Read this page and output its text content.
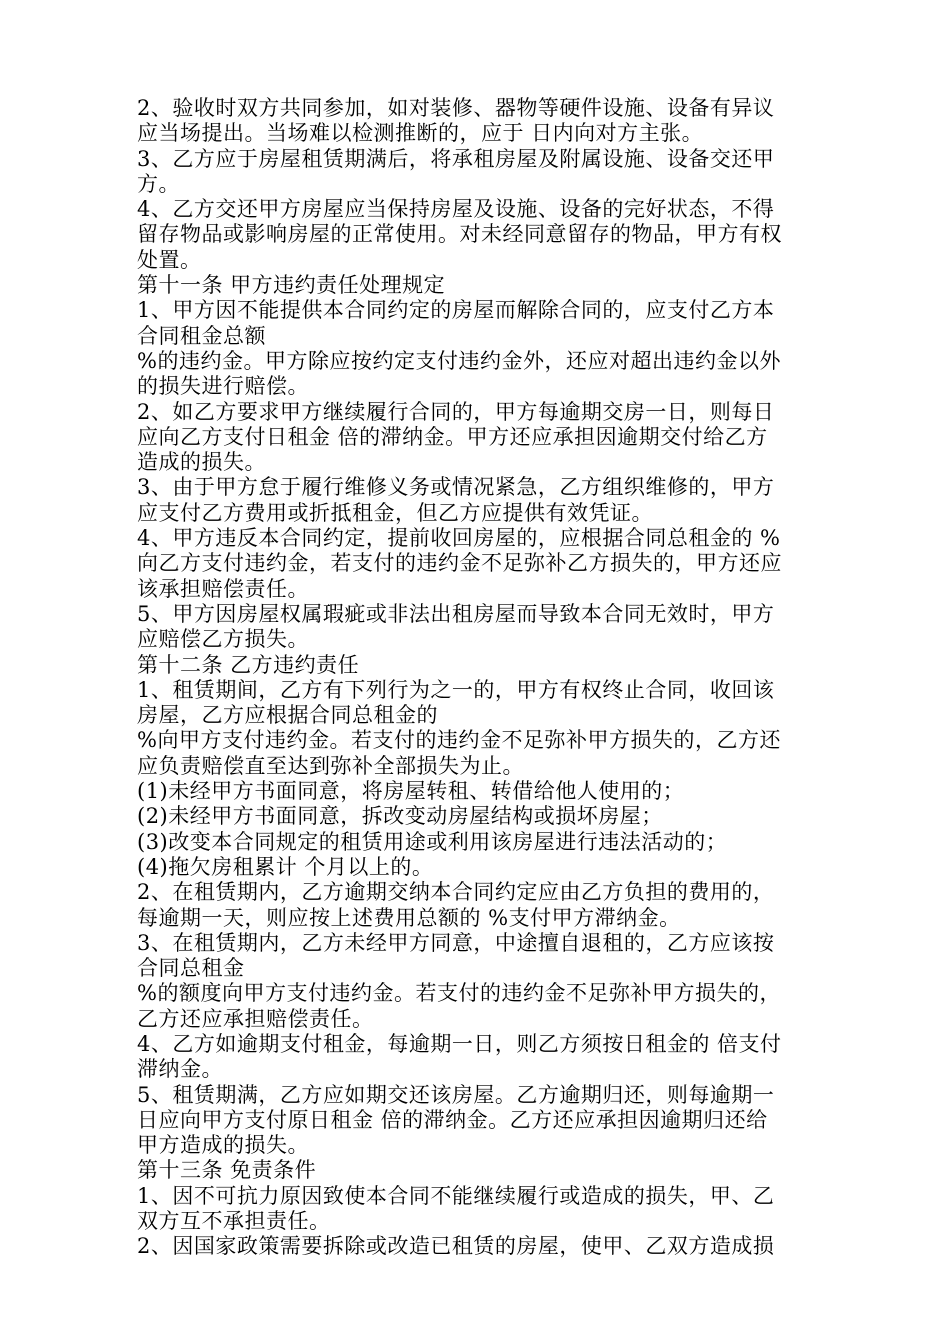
2、验收时双方共同参加，如对装修、器物等硬件设施、设备有异议
应当场提出。当场难以检测推断的，应于 日内向对方主张。
3、乙方应于房屋租赁期满后，将承租房屋及附属设施、设备交还甲
方。
4、乙方交还甲方房屋应当保持房屋及设施、设备的完好状态，不得
留存物品或影响房屋的正常使用。对未经同意留存的物品，甲方有权
处置。
第十一条 甲方违约责任处理规定
1、甲方因不能提供本合同约定的房屋而解除合同的，应支付乙方本
合同租金总额
%的违约金。甲方除应按约定支付违约金外，还应对超出违约金以外
的损失进行赔偿。
2、如乙方要求甲方继续履行合同的，甲方每逾期交房一日，则每日
应向乙方支付日租金 倍的滞纳金。甲方还应承担因逾期交付给乙方
造成的损失。
3、由于甲方怠于履行维修义务或情况紧急，乙方组织维修的，甲方
应支付乙方费用或折抵租金，但乙方应提供有效凭证。
4、甲方违反本合同约定，提前收回房屋的，应根据合同总租金的 %
向乙方支付违约金，若支付的违约金不足弥补乙方损失的，甲方还应
该承担赔偿责任。
5、甲方因房屋权属瑕疵或非法出租房屋而导致本合同无效时，甲方
应赔偿乙方损失。
第十二条 乙方违约责任
1、租赁期间，乙方有下列行为之一的，甲方有权终止合同，收回该
房屋，乙方应根据合同总租金的
%向甲方支付违约金。若支付的违约金不足弥补甲方损失的，乙方还
应负责赔偿直至达到弥补全部损失为止。
(1)未经甲方书面同意，将房屋转租、转借给他人使用的；
(2)未经甲方书面同意，拆改变动房屋结构或损坏房屋；
(3)改变本合同规定的租赁用途或利用该房屋进行违法活动的；
(4)拖欠房租累计 个月以上的。
2、在租赁期内，乙方逾期交纳本合同约定应由乙方负担的费用的，
每逾期一天，则应按上述费用总额的 %支付甲方滞纳金。
3、在租赁期内，乙方未经甲方同意，中途擅自退租的，乙方应该按
合同总租金
%的额度向甲方支付违约金。若支付的违约金不足弥补甲方损失的，
乙方还应承担赔偿责任。
4、乙方如逾期支付租金，每逾期一日，则乙方须按日租金的 倍支付
滞纳金。
5、租赁期满，乙方应如期交还该房屋。乙方逾期归还，则每逾期一
日应向甲方支付原日租金 倍的滞纳金。乙方还应承担因逾期归还给
甲方造成的损失。
第十三条 免责条件
1、因不可抗力原因致使本合同不能继续履行或造成的损失，甲、乙
双方互不承担责任。
2、因国家政策需要拆除或改造已租赁的房屋，使甲、乙双方造成损
